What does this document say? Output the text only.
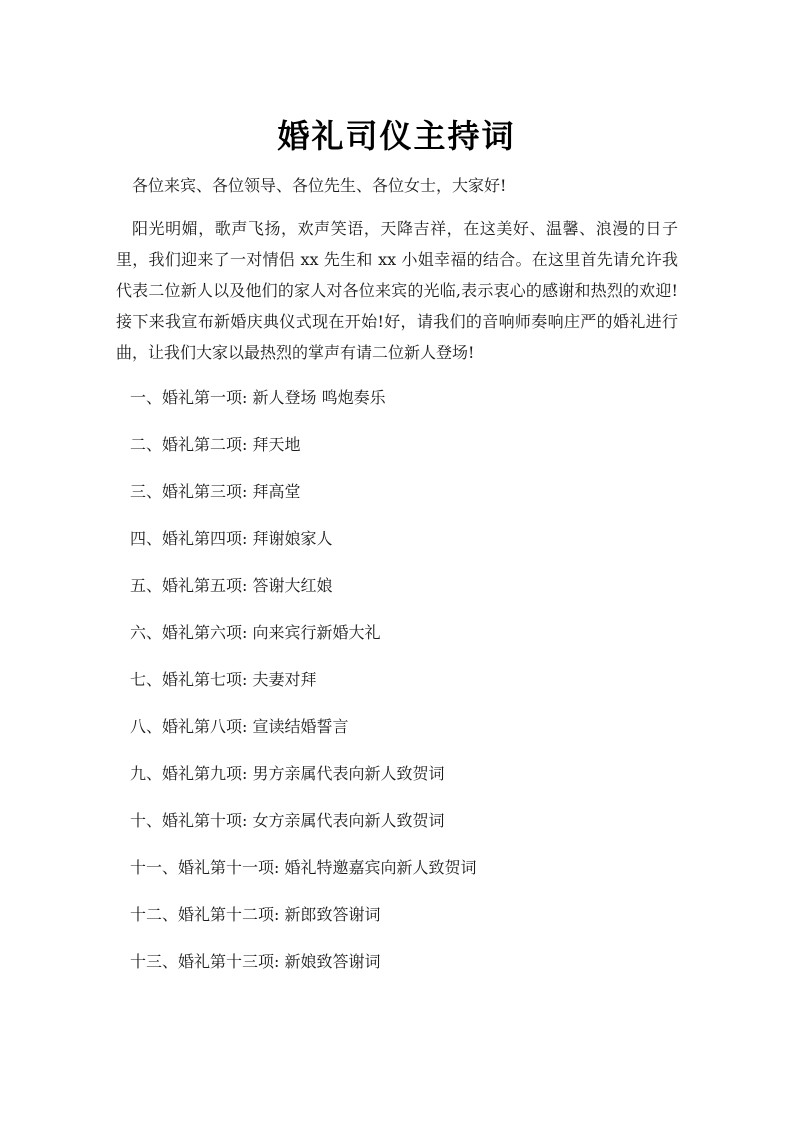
婚礼司仪主持词

各位来宾、各位领导、各位先生、各位女士，大家好!

阳光明媚，歌声飞扬，欢声笑语，天降吉祥，在这美好、温馨、浪漫的日子里，我们迎来了一对情侣 xx 先生和 xx 小姐幸福的结合。在这里首先请允许我代表二位新人以及他们的家人对各位来宾的光临,表示衷心的感谢和热烈的欢迎!接下来我宣布新婚庆典仪式现在开始!好，请我们的音响师奏响庄严的婚礼进行曲，让我们大家以最热烈的掌声有请二位新人登场!

一、婚礼第一项: 新人登场 鸣炮奏乐
二、婚礼第二项: 拜天地
三、婚礼第三项: 拜高堂
四、婚礼第四项: 拜谢娘家人
五、婚礼第五项: 答谢大红娘
六、婚礼第六项: 向来宾行新婚大礼
七、婚礼第七项: 夫妻对拜
八、婚礼第八项: 宣读结婚誓言
九、婚礼第九项: 男方亲属代表向新人致贺词
十、婚礼第十项: 女方亲属代表向新人致贺词
十一、婚礼第十一项: 婚礼特邀嘉宾向新人致贺词
十二、婚礼第十二项: 新郎致答谢词
十三、婚礼第十三项: 新娘致答谢词
